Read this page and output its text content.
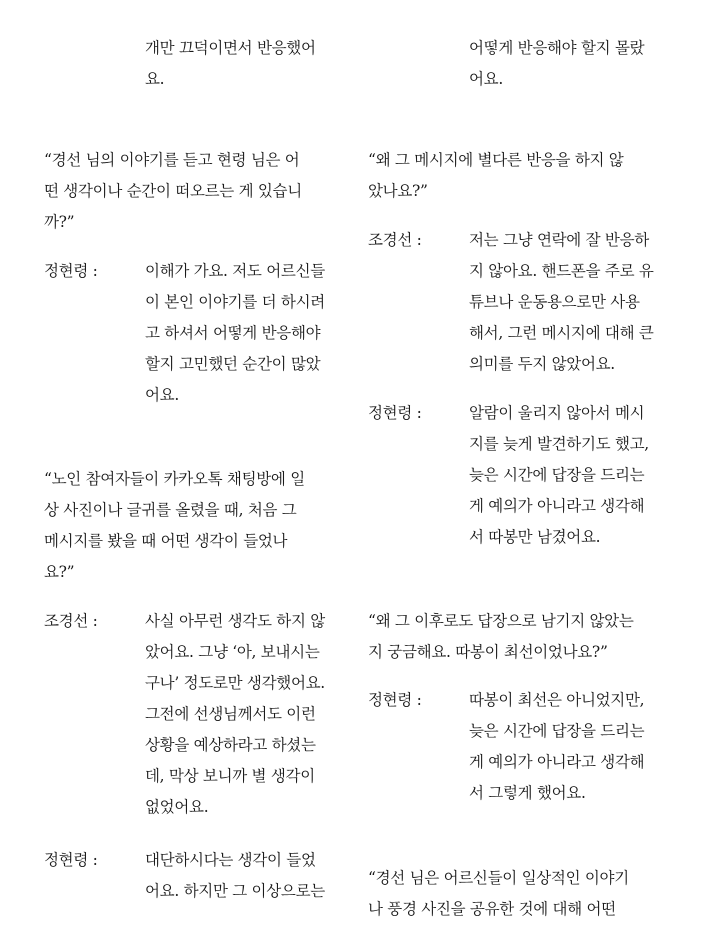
개만 끄덕이면서 반응했어
요.
“경선 님의 이야기를 듣고 현령 님은 어
떤 생각이나 순간이 떠오르는 게 있습니
까?”
정현령 :	이해가 가요. 저도 어르신들
이 본인 이야기를 더 하시려
고 하셔서 어떻게 반응해야
할지 고민했던 순간이 많았
어요.
“노인 참여자들이 카카오톡 채팅방에 일
상 사진이나 글귀를 올렸을 때, 처음 그
메시지를 봤을 때 어떤 생각이 들었나
요?”
조경선 :	사실 아무런 생각도 하지 않
았어요. 그냥 ‘아, 보내시는
구나’ 정도로만 생각했어요.
그전에 선생님께서도 이런
상황을 예상하라고 하셨는
데, 막상 보니까 별 생각이
없었어요.
정현령 :	대단하시다는 생각이 들었
어요. 하지만 그 이상으로는
어떻게 반응해야 할지 몰랐
어요.
“왜 그 메시지에 별다른 반응을 하지 않
았나요?”
조경선 :	저는 그냥 연락에 잘 반응하
지 않아요. 핸드폰을 주로 유
튜브나 운동용으로만 사용
해서, 그런 메시지에 대해 큰
의미를 두지 않았어요.
정현령 :	알람이 울리지 않아서 메시
지를 늦게 발견하기도 했고,
늦은 시간에 답장을 드리는
게 예의가 아니라고 생각해
서 따봉만 남겼어요.
“왜 그 이후로도 답장으로 남기지 않았는
지 궁금해요. 따봉이 최선이었나요?”
정현령 :	따봉이 최선은 아니었지만,
늦은 시간에 답장을 드리는
게 예의가 아니라고 생각해
서 그렇게 했어요.
“경선 님은 어르신들이 일상적인 이야기
나 풍경 사진을 공유한 것에 대해 어떤
